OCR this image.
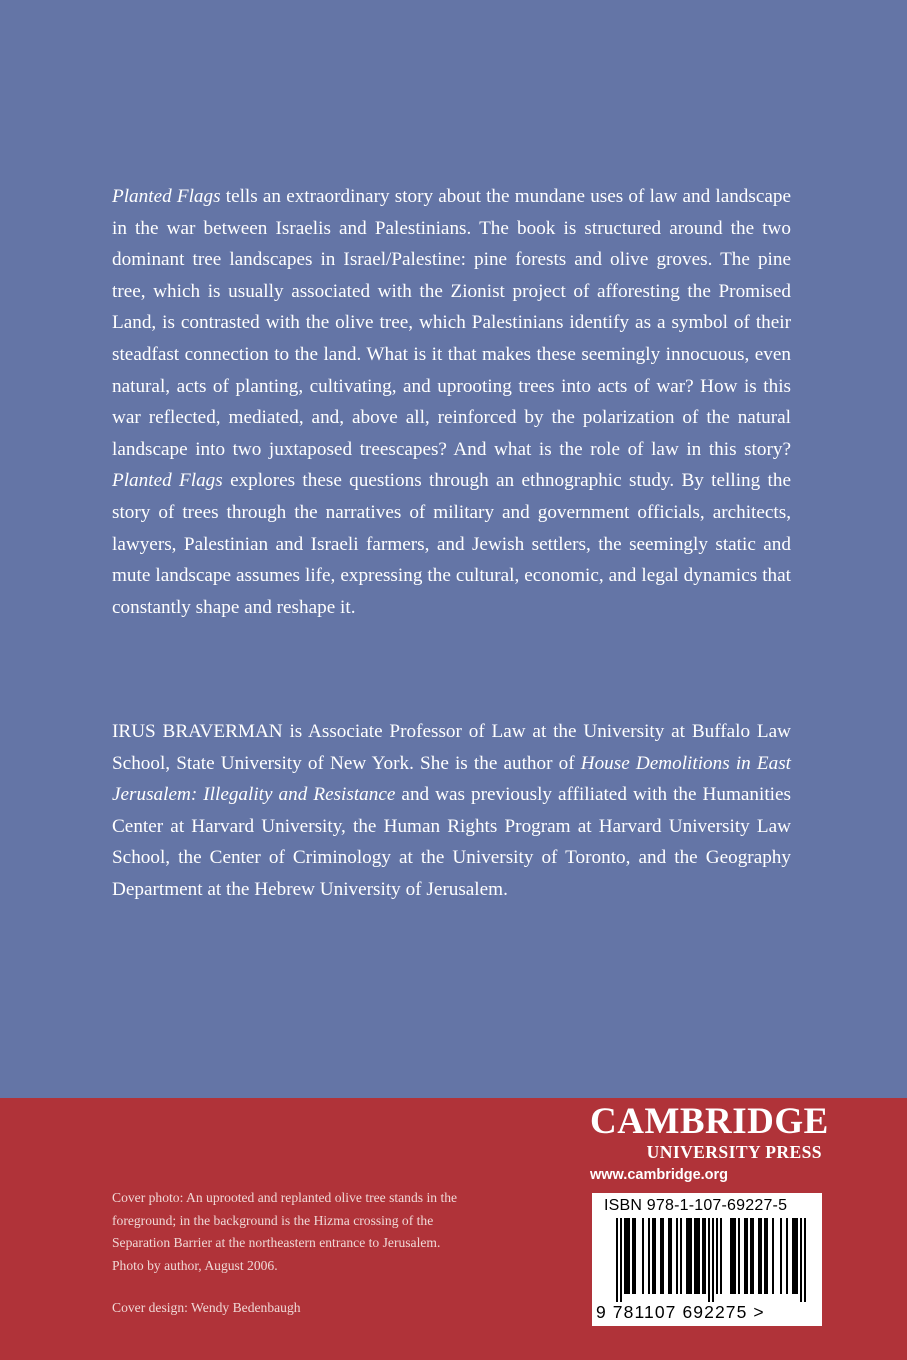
Planted Flags tells an extraordinary story about the mundane uses of law and landscape in the war between Israelis and Palestinians. The book is structured around the two dominant tree landscapes in Israel/Palestine: pine forests and olive groves. The pine tree, which is usually associated with the Zionist project of afforesting the Promised Land, is contrasted with the olive tree, which Palestinians identify as a symbol of their steadfast connection to the land. What is it that makes these seemingly innocuous, even natural, acts of planting, cultivating, and uprooting trees into acts of war? How is this war reflected, mediated, and, above all, reinforced by the polarization of the natural landscape into two juxtaposed treescapes? And what is the role of law in this story? Planted Flags explores these questions through an ethnographic study. By telling the story of trees through the narratives of military and government officials, architects, lawyers, Palestinian and Israeli farmers, and Jewish settlers, the seemingly static and mute landscape assumes life, expressing the cultural, economic, and legal dynamics that constantly shape and reshape it.

IRUS BRAVERMAN is Associate Professor of Law at the University at Buffalo Law School, State University of New York. She is the author of House Demolitions in East Jerusalem: Illegality and Resistance and was previously affiliated with the Humanities Center at Harvard University, the Human Rights Program at Harvard University Law School, the Center of Criminology at the University of Toronto, and the Geography Department at the Hebrew University of Jerusalem.

Cover photo: An uprooted and replanted olive tree stands in the foreground; in the background is the Hizma crossing of the Separation Barrier at the northeastern entrance to Jerusalem. Photo by author, August 2006.

Cover design: Wendy Bedenbaugh
CAMBRIDGE
UNIVERSITY PRESS
www.cambridge.org
ISBN 978-1-107-69227-5
9 781107 692275 >
